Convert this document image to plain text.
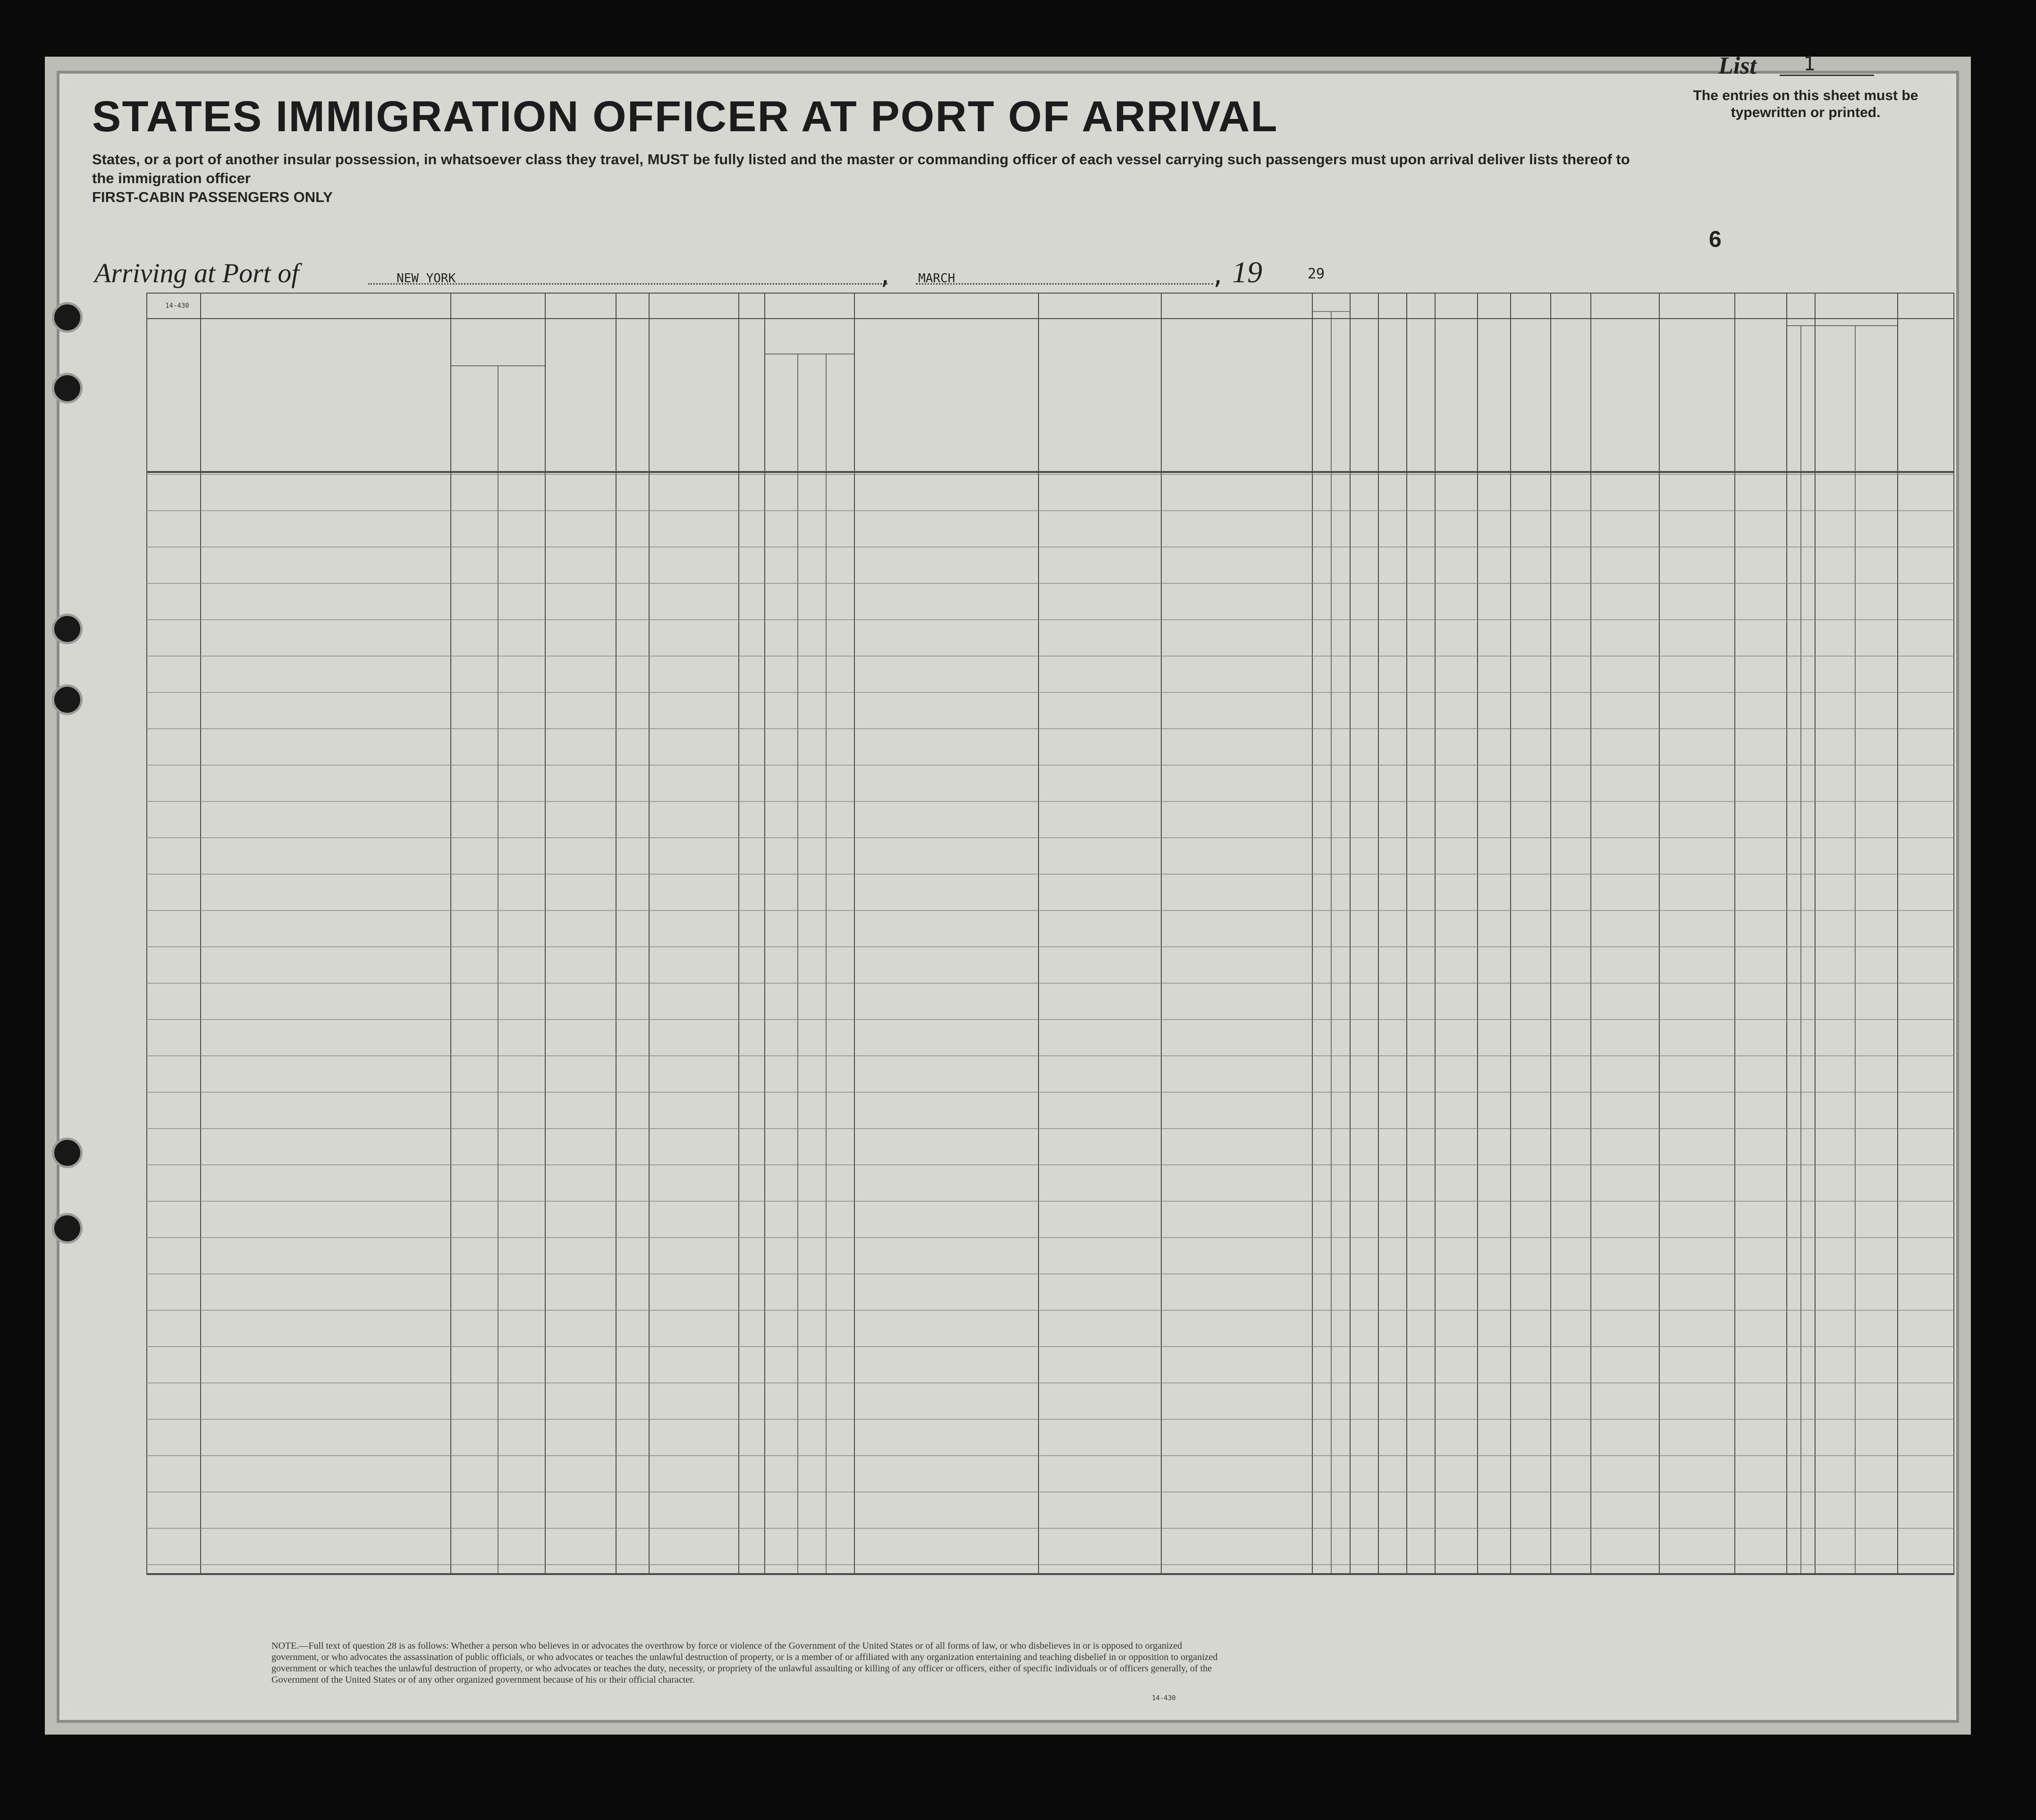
STATES IMMIGRATION OFFICER AT PORT OF ARRIVAL
States, or a port of another insular possession, in whatsoever class they travel, MUST be fully listed and the master or commanding officer of each vessel carrying such passengers must upon arrival deliver lists thereof to the immigration officer
FIRST-CABIN PASSENGERS ONLY
List 1
The entries on this sheet must be typewritten or printed.
6
Arriving at Port of	NEW YORK	, MARCH	, 19	29
14-430
NOTE.—Full text of question 28 is as follows: Whether a person who believes in or advocates the overthrow by force or violence of the Government of the United States or of all forms of law, or who disbelieves in or is opposed to organized government, or who advocates the assassination of public officials, or who advocates or teaches the unlawful destruction of property, or is a member of or affiliated with any organization entertaining and teaching disbelief in or opposition to organized government or which teaches the unlawful destruction of property, or who advocates or teaches the duty, necessity, or propriety of the unlawful assaulting or killing of any officer or officers, either of specific individuals or of officers generally, of the Government of the United States or of any other organized government because of his or their official character.
14-430
